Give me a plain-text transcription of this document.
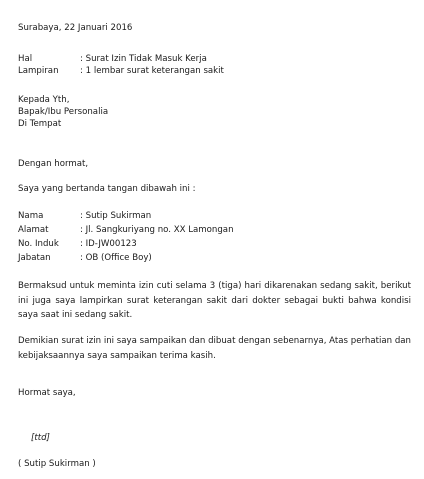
Surabaya, 22 Januari 2016
Hal	: Surat Izin Tidak Masuk Kerja
Lampiran : 1 lembar surat keterangan sakit
Kepada Yth,
Bapak/Ibu Personalia
Di Tempat
Dengan hormat,
Saya yang bertanda tangan dibawah ini :
Nama	: Sutip Sukirman
Alamat	: Jl. Sangkuriyang no. XX Lamongan
No. Induk : ID-JW00123
Jabatan	: OB (Office Boy)
Bermaksud untuk meminta izin cuti selama 3 (tiga) hari dikarenakan sedang sakit, berikut ini juga saya lampirkan surat keterangan sakit dari dokter sebagai bukti bahwa kondisi saya saat ini sedang sakit.
Demikian surat izin ini saya sampaikan dan dibuat dengan sebenarnya, Atas perhatian dan kebijaksaannya saya sampaikan terima kasih.
Hormat saya,
[ttd]
( Sutip Sukirman )
